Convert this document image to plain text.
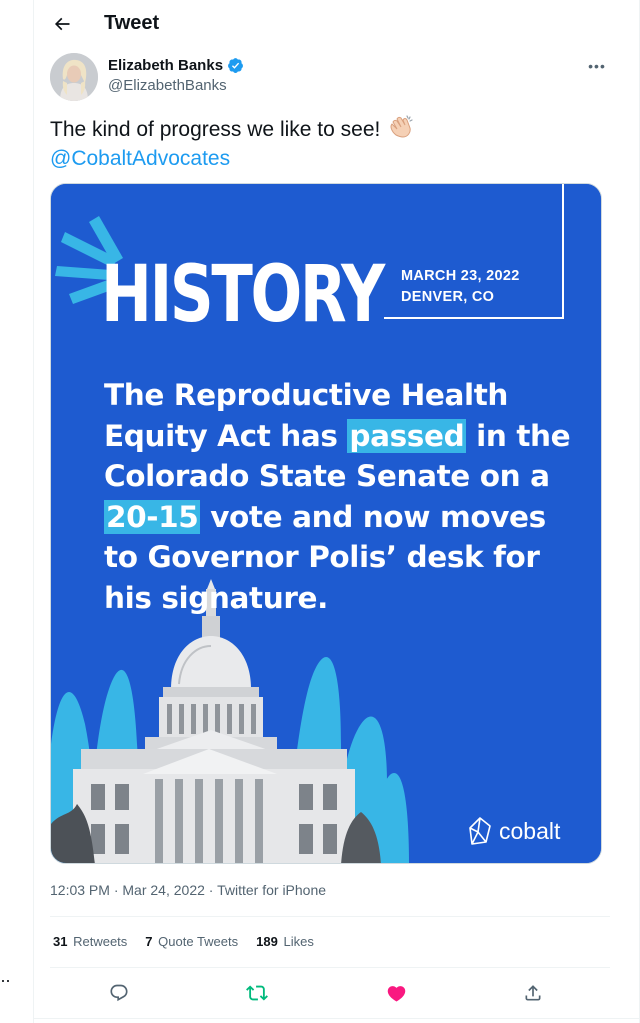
··
Tweet
Elizabeth Banks
@ElizabethBanks
•••
The kind of progress we like to see!
@CobaltAdvocates
MARCH 23, 2022
DENVER, CO
HISTORY
The Reproductive Health
Equity Act has passed in the
Colorado State Senate on a
20-15 vote and now moves
to Governor Polis’ desk for
his signature.
cobalt
12:03 PM · Mar 24, 2022 · Twitter for iPhone
31 Retweets 7 Quote Tweets 189 Likes
